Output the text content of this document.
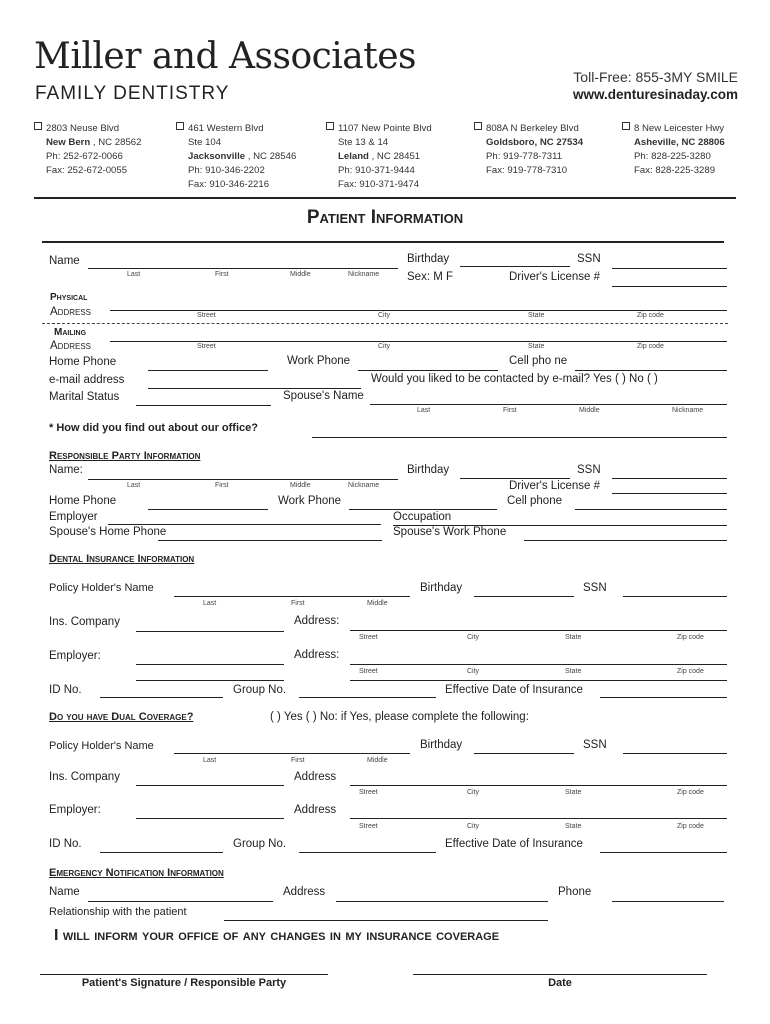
Miller and Associates
FAMILY DENTISTRY
Toll-Free: 855-3MY SMILE
www.denturesinaday.com
2803 Neuse Blvd
New Bern , NC 28562
Ph: 252-672-0066
Fax: 252-672-0055
461 Western Blvd
Ste 104
Jacksonville , NC 28546
Ph: 910-346-2202
Fax: 910-346-2216
1107 New Pointe Blvd
Ste 13 & 14
Leland , NC 28451
Ph: 910-371-9444
Fax: 910-371-9474
808A N Berkeley Blvd
Goldsboro, NC 27534
Ph: 919-778-7311
Fax: 919-778-7310
8 New Leicester Hwy
Asheville, NC 28806
Ph: 828-225-3280
Fax: 828-225-3289
Patient Information
Name
Last	First	Middle	Nickname
Birthday	SSN
Sex: M F	Driver's License #
Physical
Address	Street	City	State	Zip code
Mailing
Address	Street	City	State	Zip code
Home Phone	Work Phone	Cell pho ne
e-mail address	Would you liked to be contacted by e-mail? Yes ( ) No ( )
Marital Status	Spouse's Name
Last	First	Middle	Nickname
* How did you find out about our office?
Responsible Party Information
Name:
Last	First	Middle	Nickname
Birthday	SSN
Driver's License #
Home Phone	Work Phone	Cell phone
Employer	Occupation
Spouse's Home Phone	Spouse's Work Phone
Dental Insurance Information
Policy Holder's Name
Last	First	Middle
Birthday	SSN
Ins. Company	Address:
Street	City	State	Zip code
Employer:	Address:
Street	City	State	Zip code
ID No.	Group No.	Effective Date of Insurance
Do you have Dual Coverage?	( ) Yes ( ) No: if Yes, please complete the following:
Policy Holder's Name
Last	First	Middle
Birthday	SSN
Ins. Company	Address
Street	City	State	Zip code
Employer:	Address
Street	City	State	Zip code
ID No.	Group No.	Effective Date of Insurance
Emergency Notification Information
Name	Address	Phone
Relationship with the patient
I will inform your office of any changes in my insurance coverage
Patient's Signature / Responsible Party	Date
